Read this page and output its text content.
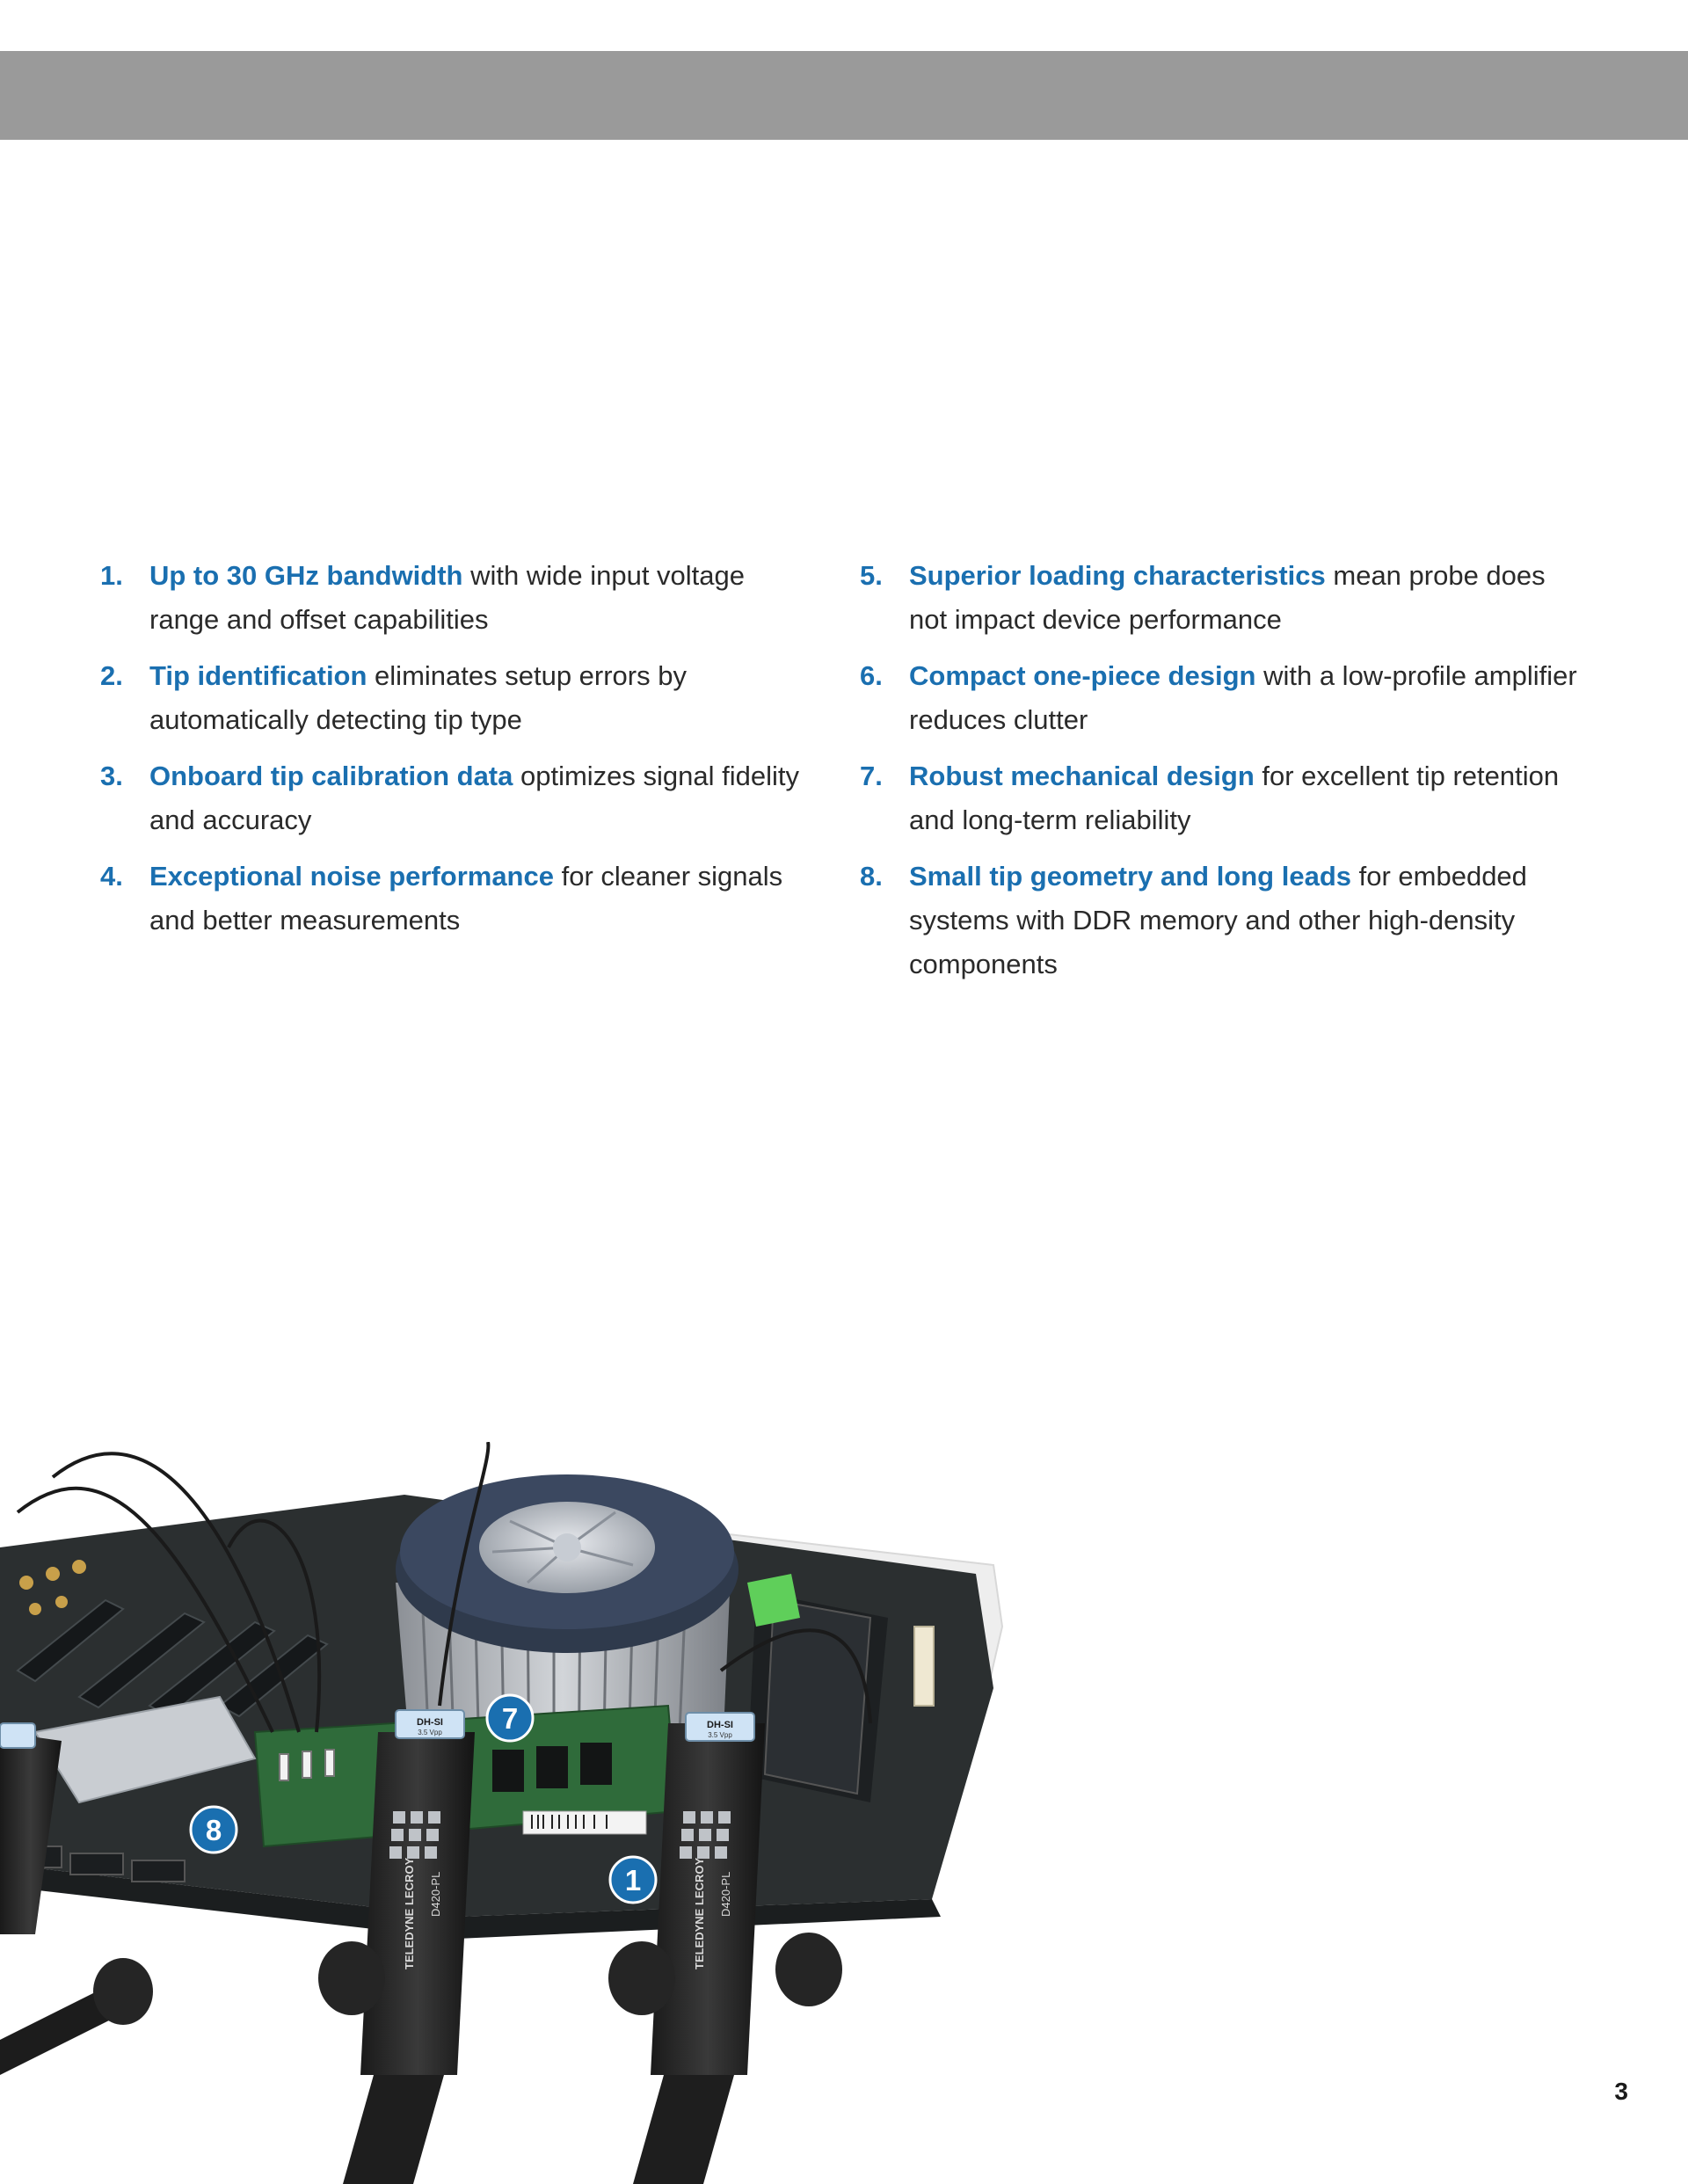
1. Up to 30 GHz bandwidth with wide input voltage range and offset capabilities
2. Tip identification eliminates setup errors by automatically detecting tip type
3. Onboard tip calibration data optimizes signal fidelity and accuracy
4. Exceptional noise performance for cleaner signals and better measurements
5. Superior loading characteristics mean probe does not impact device performance
6. Compact one-piece design with a low-profile amplifier reduces clutter
7. Robust mechanical design for excellent tip retention and long-term reliability
8. Small tip geometry and long leads for embedded systems with DDR memory and other high-density components
DH-SI
3.5 Vpp
TELEDYNE LECROY D420-PL
DH-SI
3.5 Vpp
TELEDYNE LECROY D420-PL
7
8
1
3
